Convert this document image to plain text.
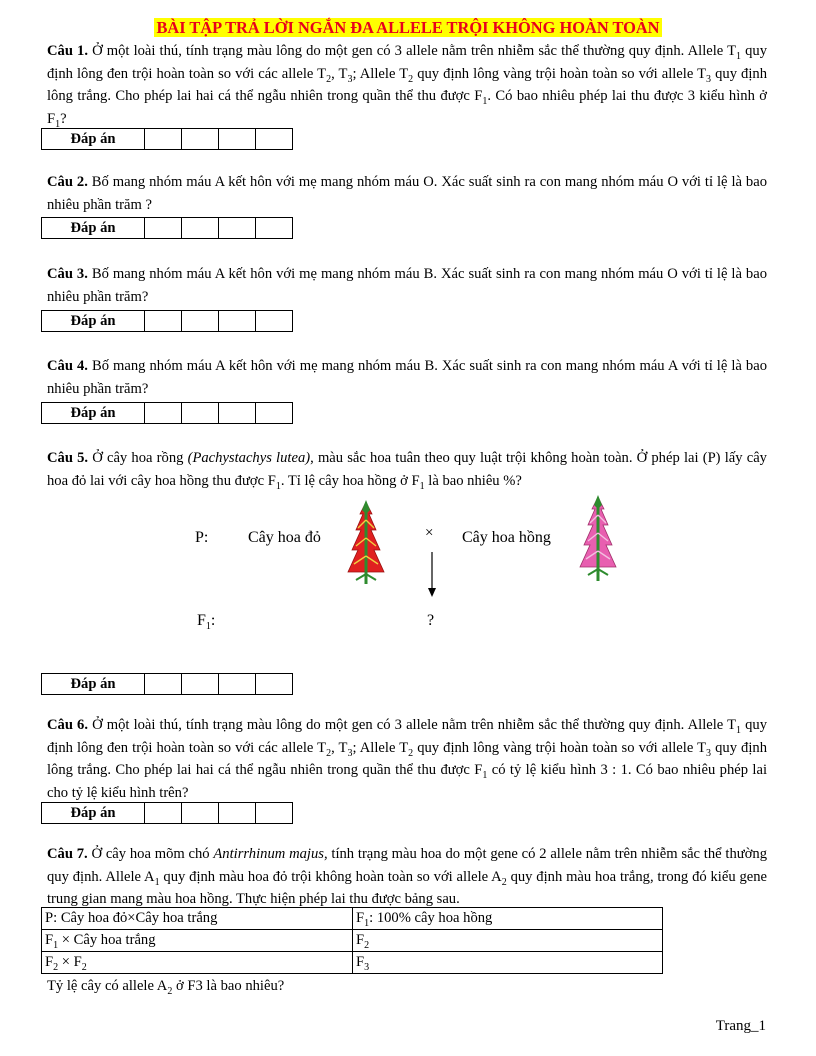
BÀI TẬP TRẢ LỜI NGẮN ĐA ALLELE TRỘI KHÔNG HOÀN TOÀN
Câu 1. Ở một loài thú, tính trạng màu lông do một gen có 3 allele nằm trên nhiễm sắc thể thường quy định. Allele $T_1$ quy định lông đen trội hoàn toàn so với các allele $T_2$, $T_3$; Allele $T_2$ quy định lông vàng trội hoàn toàn so với allele $T_3$ quy định lông trắng. Cho phép lai hai cá thể ngẫu nhiên trong quần thể thu được $F_1$. Có bao nhiêu phép lai thu được 3 kiểu hình ở $F_1$?
Đáp án				
Câu 2. Bố mang nhóm máu A kết hôn với mẹ mang nhóm máu O. Xác suất sinh ra con mang nhóm máu O với tỉ lệ là bao nhiêu phần trăm ?
Đáp án				
Câu 3. Bố mang nhóm máu A kết hôn với mẹ mang nhóm máu B. Xác suất sinh ra con mang nhóm máu O với tỉ lệ là bao nhiêu phần trăm?
Đáp án				
Câu 4. Bố mang nhóm máu A kết hôn với mẹ mang nhóm máu B. Xác suất sinh ra con mang nhóm máu A với tỉ lệ là bao nhiêu phần trăm?
Đáp án				
Câu 5. Ở cây hoa rồng (Pachystachys lutea), màu sắc hoa tuân theo quy luật trội không hoàn toàn. Ở phép lai (P) lấy cây hoa đỏ lai với cây hoa hồng thu được $F_1$. Tỉ lệ cây hoa hồng ở $F_1$ là bao nhiêu %?
P: Cây hoa đỏ	× Cây hoa hồng
$F_1$:	?
Đáp án				
Câu 6. Ở một loài thú, tính trạng màu lông do một gen có 3 allele nằm trên nhiễm sắc thể thường quy định. Allele $T_1$ quy định lông đen trội hoàn toàn so với các allele $T_2$, $T_3$; Allele $T_2$ quy định lông vàng trội hoàn toàn so với allele $T_3$ quy định lông trắng. Cho phép lai hai cá thể ngẫu nhiên trong quần thể thu được $F_1$ có tỷ lệ kiểu hình 3 : 1. Có bao nhiêu phép lai cho tỷ lệ kiểu hình trên?
Đáp án				
Câu 7. Ở cây hoa mõm chó Antirrhinum majus, tính trạng màu hoa do một gene có 2 allele nằm trên nhiễm sắc thể thường quy định. Allele $A_1$ quy định màu hoa đỏ trội không hoàn toàn so với allele $A_2$ quy định màu hoa trắng, trong đó kiểu gene trung gian mang màu hoa hồng. Thực hiện phép lai thu được bảng sau.
P: Cây hoa đỏ×Cây hoa trắng	$F_1$: 100% cây hoa hồng
$F_1$ × Cây hoa trắng	$F_2$
$F_2 \times F_2$	$F_3$
Tỷ lệ cây có allele $A_2$ ở F3 là bao nhiêu?
Trang_1
